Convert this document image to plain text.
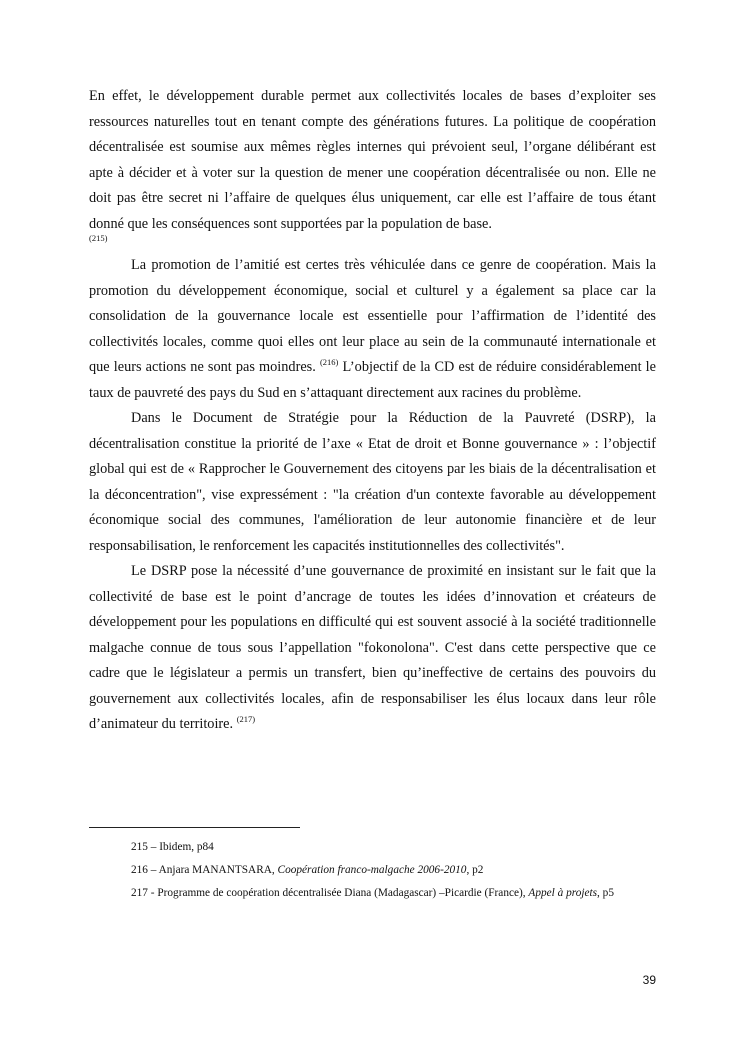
En effet, le développement durable permet aux collectivités locales de bases d’exploiter ses ressources naturelles tout en tenant compte des générations futures. La politique de coopération décentralisée est soumise aux mêmes règles internes qui prévoient seul, l’organe délibérant est apte à décider et à voter sur la question de mener une coopération décentralisée ou non. Elle ne doit pas être secret ni l’affaire de quelques élus uniquement, car elle est l’affaire de tous étant donné que les conséquences sont supportées par la population de base.
(215)

La promotion de l’amitié est certes très véhiculée dans ce genre de coopération. Mais la promotion du développement économique, social et culturel y a également sa place car la consolidation de la gouvernance locale est essentielle pour l’affirmation de l’identité des collectivités locales, comme quoi elles ont leur place au sein de la communauté internationale et que leurs actions ne sont pas moindres. $^{(216)}$ L’objectif de la CD est de réduire considérablement le taux de pauvreté des pays du Sud en s’attaquant directement aux racines du problème.

Dans le Document de Stratégie pour la Réduction de la Pauvreté (DSRP), la décentralisation constitue la priorité de l’axe « Etat de droit et Bonne gouvernance » : l’objectif global qui est de « Rapprocher le Gouvernement des citoyens par les biais de la décentralisation et la déconcentration", vise expressément : "la création d'un contexte favorable au développement économique social des communes, l'amélioration de leur autonomie financière et de leur responsabilisation, le renforcement les capacités institutionnelles des collectivités".

Le DSRP pose la nécessité d’une gouvernance de proximité en insistant sur le fait que la collectivité de base est le point d’ancrage de toutes les idées d’innovation et créateurs de développement pour les populations en difficulté qui est souvent associé à la société traditionnelle malgache connue de tous sous l’appellation "fokonolona". C'est dans cette perspective que ce cadre que le législateur a permis un transfert, bien qu’ineffective de certains des pouvoirs du gouvernement aux collectivités locales, afin de responsabiliser les élus locaux dans leur rôle d’animateur du territoire. $^{(217)}$

215 – Ibidem, p84

216 – Anjara MANANTSARA, Coopération franco-malgache 2006-2010, p2

217 - Programme de coopération décentralisée Diana (Madagascar) –Picardie (France), Appel à projets, p5

39
